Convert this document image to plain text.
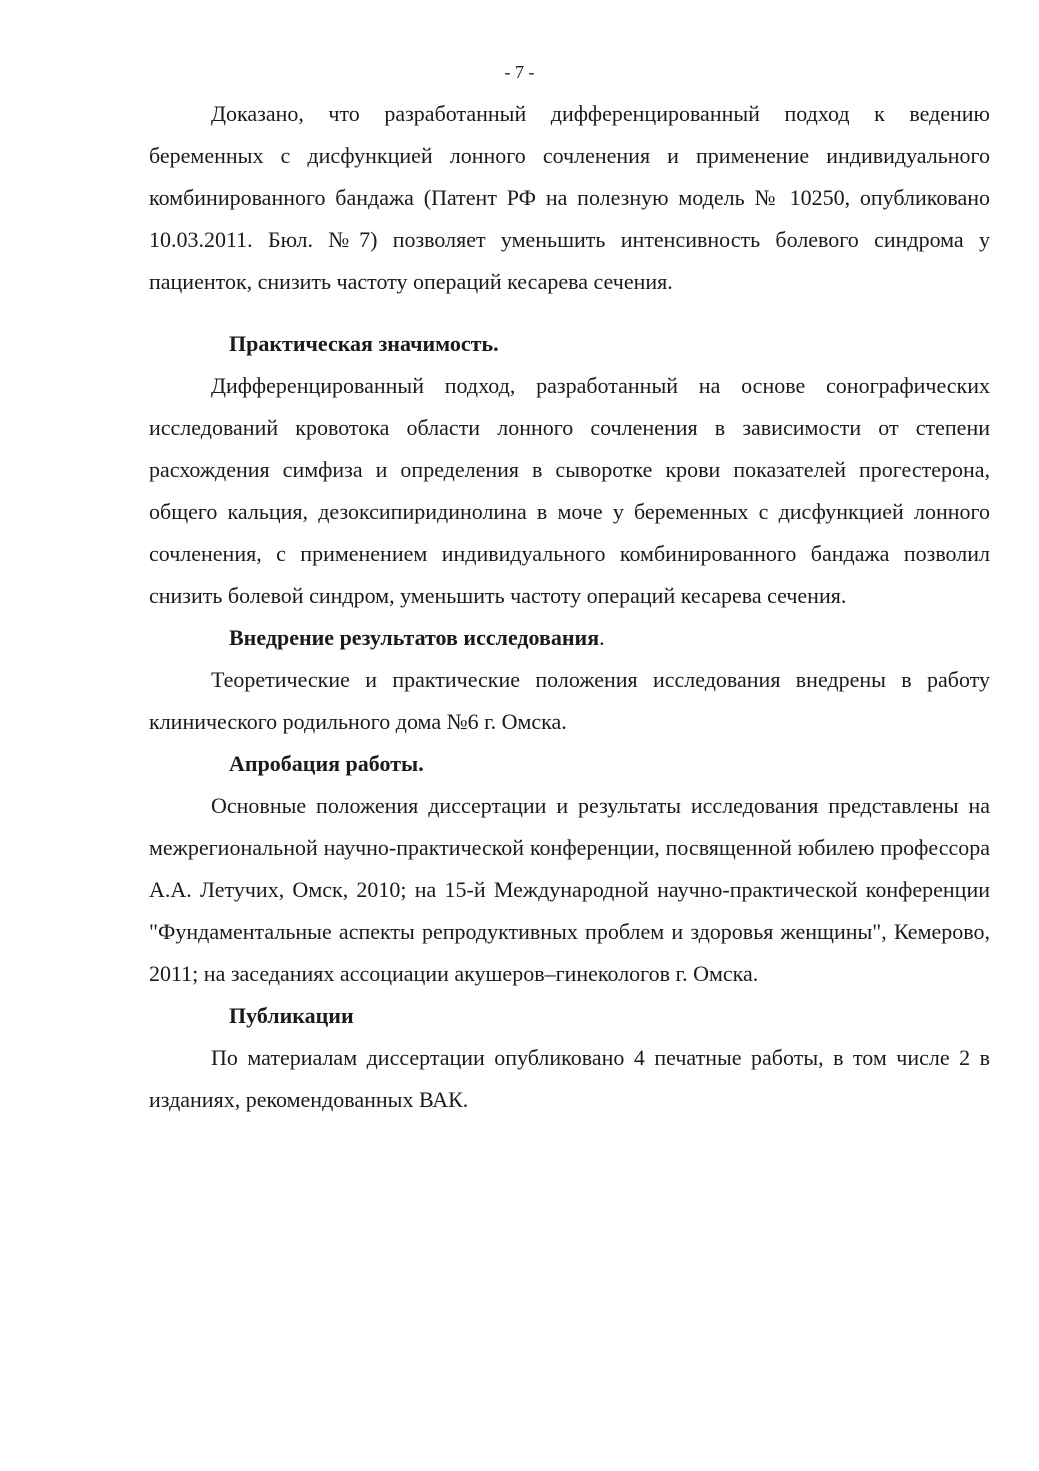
- 7 -

Доказано, что разработанный дифференцированный подход к ведению беременных с дисфункцией лонного сочленения и применение индивидуального комбинированного бандажа (Патент РФ на полезную модель № 10250, опубликовано 10.03.2011. Бюл. №7) позволяет уменьшить интенсивность болевого синдрома у пациенток, снизить частоту операций кесарева сечения.

Практическая значимость.

Дифференцированный подход, разработанный на основе сонографических исследований кровотока области лонного сочленения в зависимости от степени расхождения симфиза и определения в сыворотке крови показателей прогестерона, общего кальция, дезоксипиридинолина в моче у беременных с дисфункцией лонного сочленения, с применением индивидуального комбинированного бандажа позволил снизить болевой синдром, уменьшить частоту операций кесарева сечения.

Внедрение результатов исследования.

Теоретические и практические положения исследования внедрены в работу клинического родильного дома №6 г. Омска.

Апробация работы.

Основные положения диссертации и результаты исследования представлены на межрегиональной научно-практической конференции, посвященной юбилею профессора А.А. Летучих, Омск, 2010; на 15-й Международной научно-практической конференции "Фундаментальные аспекты репродуктивных проблем и здоровья женщины", Кемерово, 2011; на заседаниях ассоциации акушеров–гинекологов г. Омска.

Публикации

По материалам диссертации опубликовано 4 печатные работы, в том числе 2 в изданиях, рекомендованных ВАК.
